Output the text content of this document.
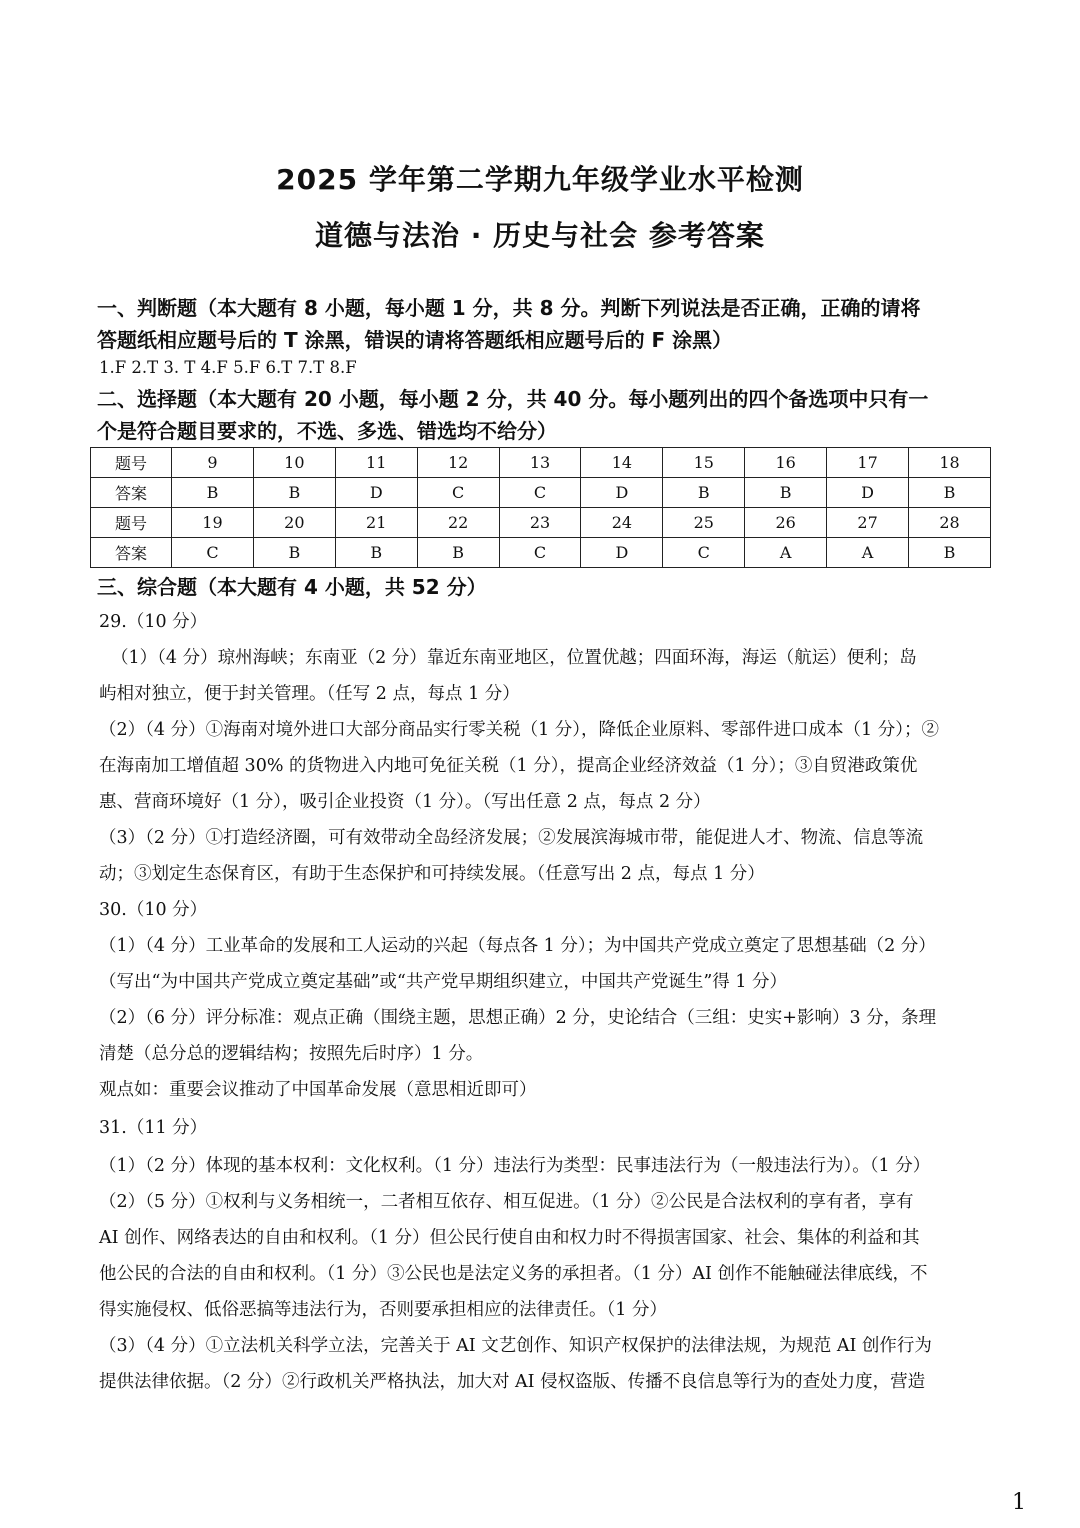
2025 学年第二学期九年级学业水平检测
道德与法治 · 历史与社会 参考答案
一、判断题（本大题有 8 小题，每小题 1 分，共 8 分。判断下列说法是否正确，正确的请将
答题纸相应题号后的 T 涂黑，错误的请将答题纸相应题号后的 F 涂黑）
1.F 2.T 3. T 4.F 5.F 6.T 7.T 8.F
二、选择题（本大题有 20 小题，每小题 2 分，共 40 分。每小题列出的四个备选项中只有一
个是符合题目要求的，不选、多选、错选均不给分）
题号	9	10	11	12	13	14	15	16	17	18
答案	B	B	D	C	C	D	B	B	D	B
题号	19	20	21	22	23	24	25	26	27	28
答案	C	B	B	B	C	D	C	A	A	B
三、综合题（本大题有 4 小题，共 52 分）
29.（10 分）
（1）（4 分）琼州海峡；东南亚（2 分）靠近东南亚地区，位置优越；四面环海，海运（航运）便利；岛
屿相对独立，便于封关管理。（任写 2 点，每点 1 分）
（2）（4 分）①海南对境外进口大部分商品实行零关税（1 分），降低企业原料、零部件进口成本（1 分）；②
在海南加工增值超 30% 的货物进入内地可免征关税（1 分），提高企业经济效益（1 分）；③自贸港政策优
惠、营商环境好（1 分），吸引企业投资（1 分）。（写出任意 2 点，每点 2 分）
（3）（2 分）①打造经济圈，可有效带动全岛经济发展；②发展滨海城市带，能促进人才、物流、信息等流
动；③划定生态保育区，有助于生态保护和可持续发展。（任意写出 2 点，每点 1 分）
30.（10 分）
（1）（4 分）工业革命的发展和工人运动的兴起（每点各 1 分）；为中国共产党成立奠定了思想基础（2 分）
（写出“为中国共产党成立奠定基础”或“共产党早期组织建立，中国共产党诞生”得 1 分）
（2）（6 分）评分标准：观点正确（围绕主题，思想正确）2 分，史论结合（三组：史实+影响）3 分，条理
清楚（总分总的逻辑结构；按照先后时序）1 分。
观点如：重要会议推动了中国革命发展（意思相近即可）
31.（11 分）
（1）（2 分）体现的基本权利：文化权利。（1 分）违法行为类型：民事违法行为（一般违法行为）。（1 分）
（2）（5 分）①权利与义务相统一，二者相互依存、相互促进。（1 分）②公民是合法权利的享有者，享有
AI 创作、网络表达的自由和权利。（1 分）但公民行使自由和权力时不得损害国家、社会、集体的利益和其
他公民的合法的自由和权利。（1 分）③公民也是法定义务的承担者。（1 分）AI 创作不能触碰法律底线，不
得实施侵权、低俗恶搞等违法行为，否则要承担相应的法律责任。（1 分）
（3）（4 分）①立法机关科学立法，完善关于 AI 文艺创作、知识产权保护的法律法规，为规范 AI 创作行为
提供法律依据。（2 分）②行政机关严格执法，加大对 AI 侵权盗版、传播不良信息等行为的查处力度，营造
1
